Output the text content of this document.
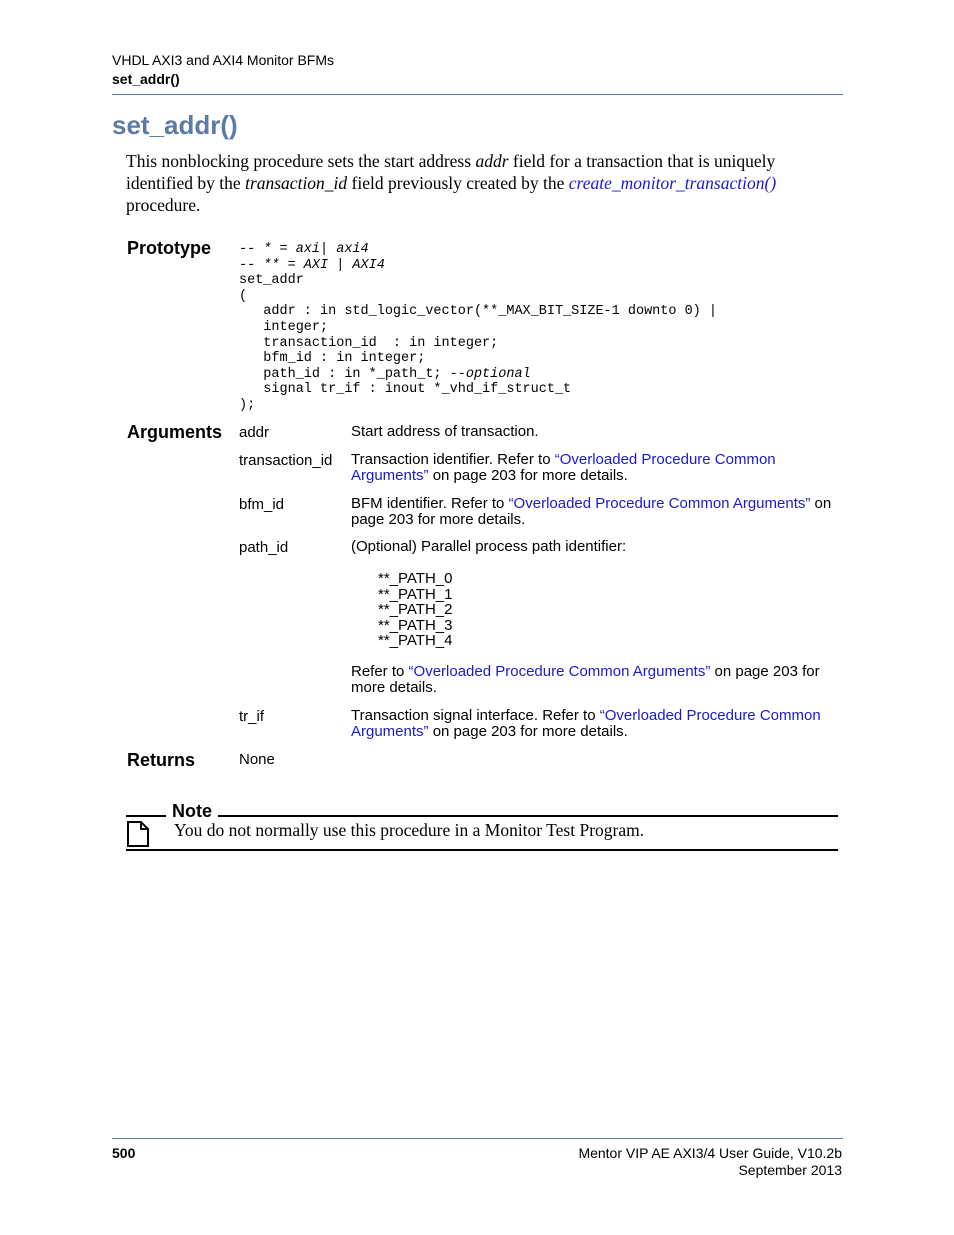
VHDL AXI3 and AXI4 Monitor BFMs
set_addr()
set_addr()
This nonblocking procedure sets the start address addr field for a transaction that is uniquely identified by the transaction_id field previously created by the create_monitor_transaction()
procedure.
Prototype -- * = axi| axi4
-- ** = AXI | AXI4
set_addr
(
addr : in std_logic_vector(**_MAX_BIT_SIZE-1 downto 0) |
integer;
transaction_id  : in integer;
bfm_id : in integer;
path_id : in *_path_t; --optional
signal tr_if : inout *_vhd_if_struct_t
);
Arguments addr	Start address of transaction.
transaction_id Transaction identifier. Refer to “Overloaded Procedure Common Arguments” on page 203 for more details.
bfm_id	BFM identifier. Refer to “Overloaded Procedure Common Arguments” on page 203 for more details.
path_id	(Optional) Parallel process path identifier:
**_PATH_0
**_PATH_1
**_PATH_2
**_PATH_3
**_PATH_4
Refer to “Overloaded Procedure Common Arguments” on page 203 for more details.
tr_if	Transaction signal interface. Refer to “Overloaded Procedure Common Arguments” on page 203 for more details.
Returns	None
Note
You do not normally use this procedure in a Monitor Test Program.
500	Mentor VIP AE AXI3/4 User Guide, V10.2b
September 2013
